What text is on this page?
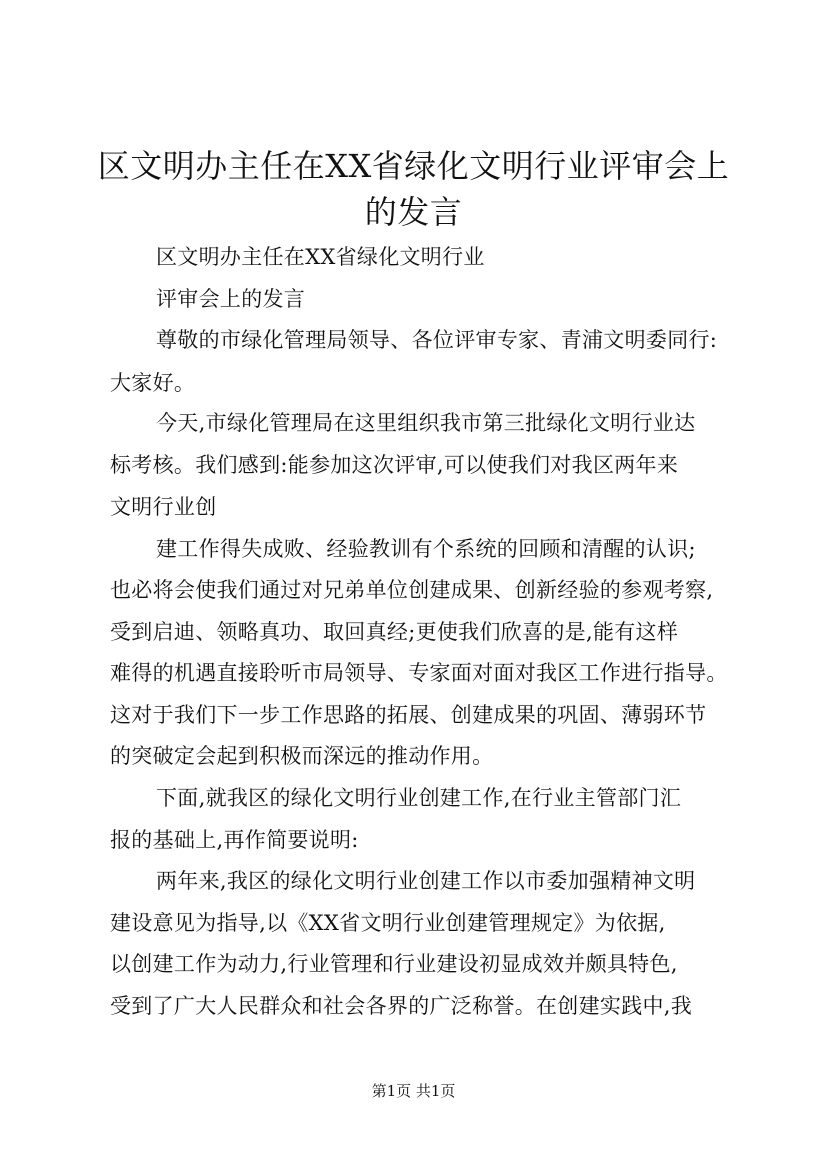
区文明办主任在XX省绿化文明行业评审会上
的发言
区文明办主任在XX省绿化文明行业
评审会上的发言
尊敬的市绿化管理局领导、各位评审专家、青浦文明委同行:
大家好。
今天,市绿化管理局在这里组织我市第三批绿化文明行业达
标考核。我们感到:能参加这次评审,可以使我们对我区两年来
文明行业创
建工作得失成败、经验教训有个系统的回顾和清醒的认识;
也必将会使我们通过对兄弟单位创建成果、创新经验的参观考察,
受到启迪、领略真功、取回真经;更使我们欣喜的是,能有这样
难得的机遇直接聆听市局领导、专家面对面对我区工作进行指导。
这对于我们下一步工作思路的拓展、创建成果的巩固、薄弱环节
的突破定会起到积极而深远的推动作用。
下面,就我区的绿化文明行业创建工作,在行业主管部门汇
报的基础上,再作简要说明:
两年来,我区的绿化文明行业创建工作以市委加强精神文明
建设意见为指导,以《XX省文明行业创建管理规定》为依据,
以创建工作为动力,行业管理和行业建设初显成效并颇具特色,
受到了广大人民群众和社会各界的广泛称誉。在创建实践中,我
第1页 共1页
